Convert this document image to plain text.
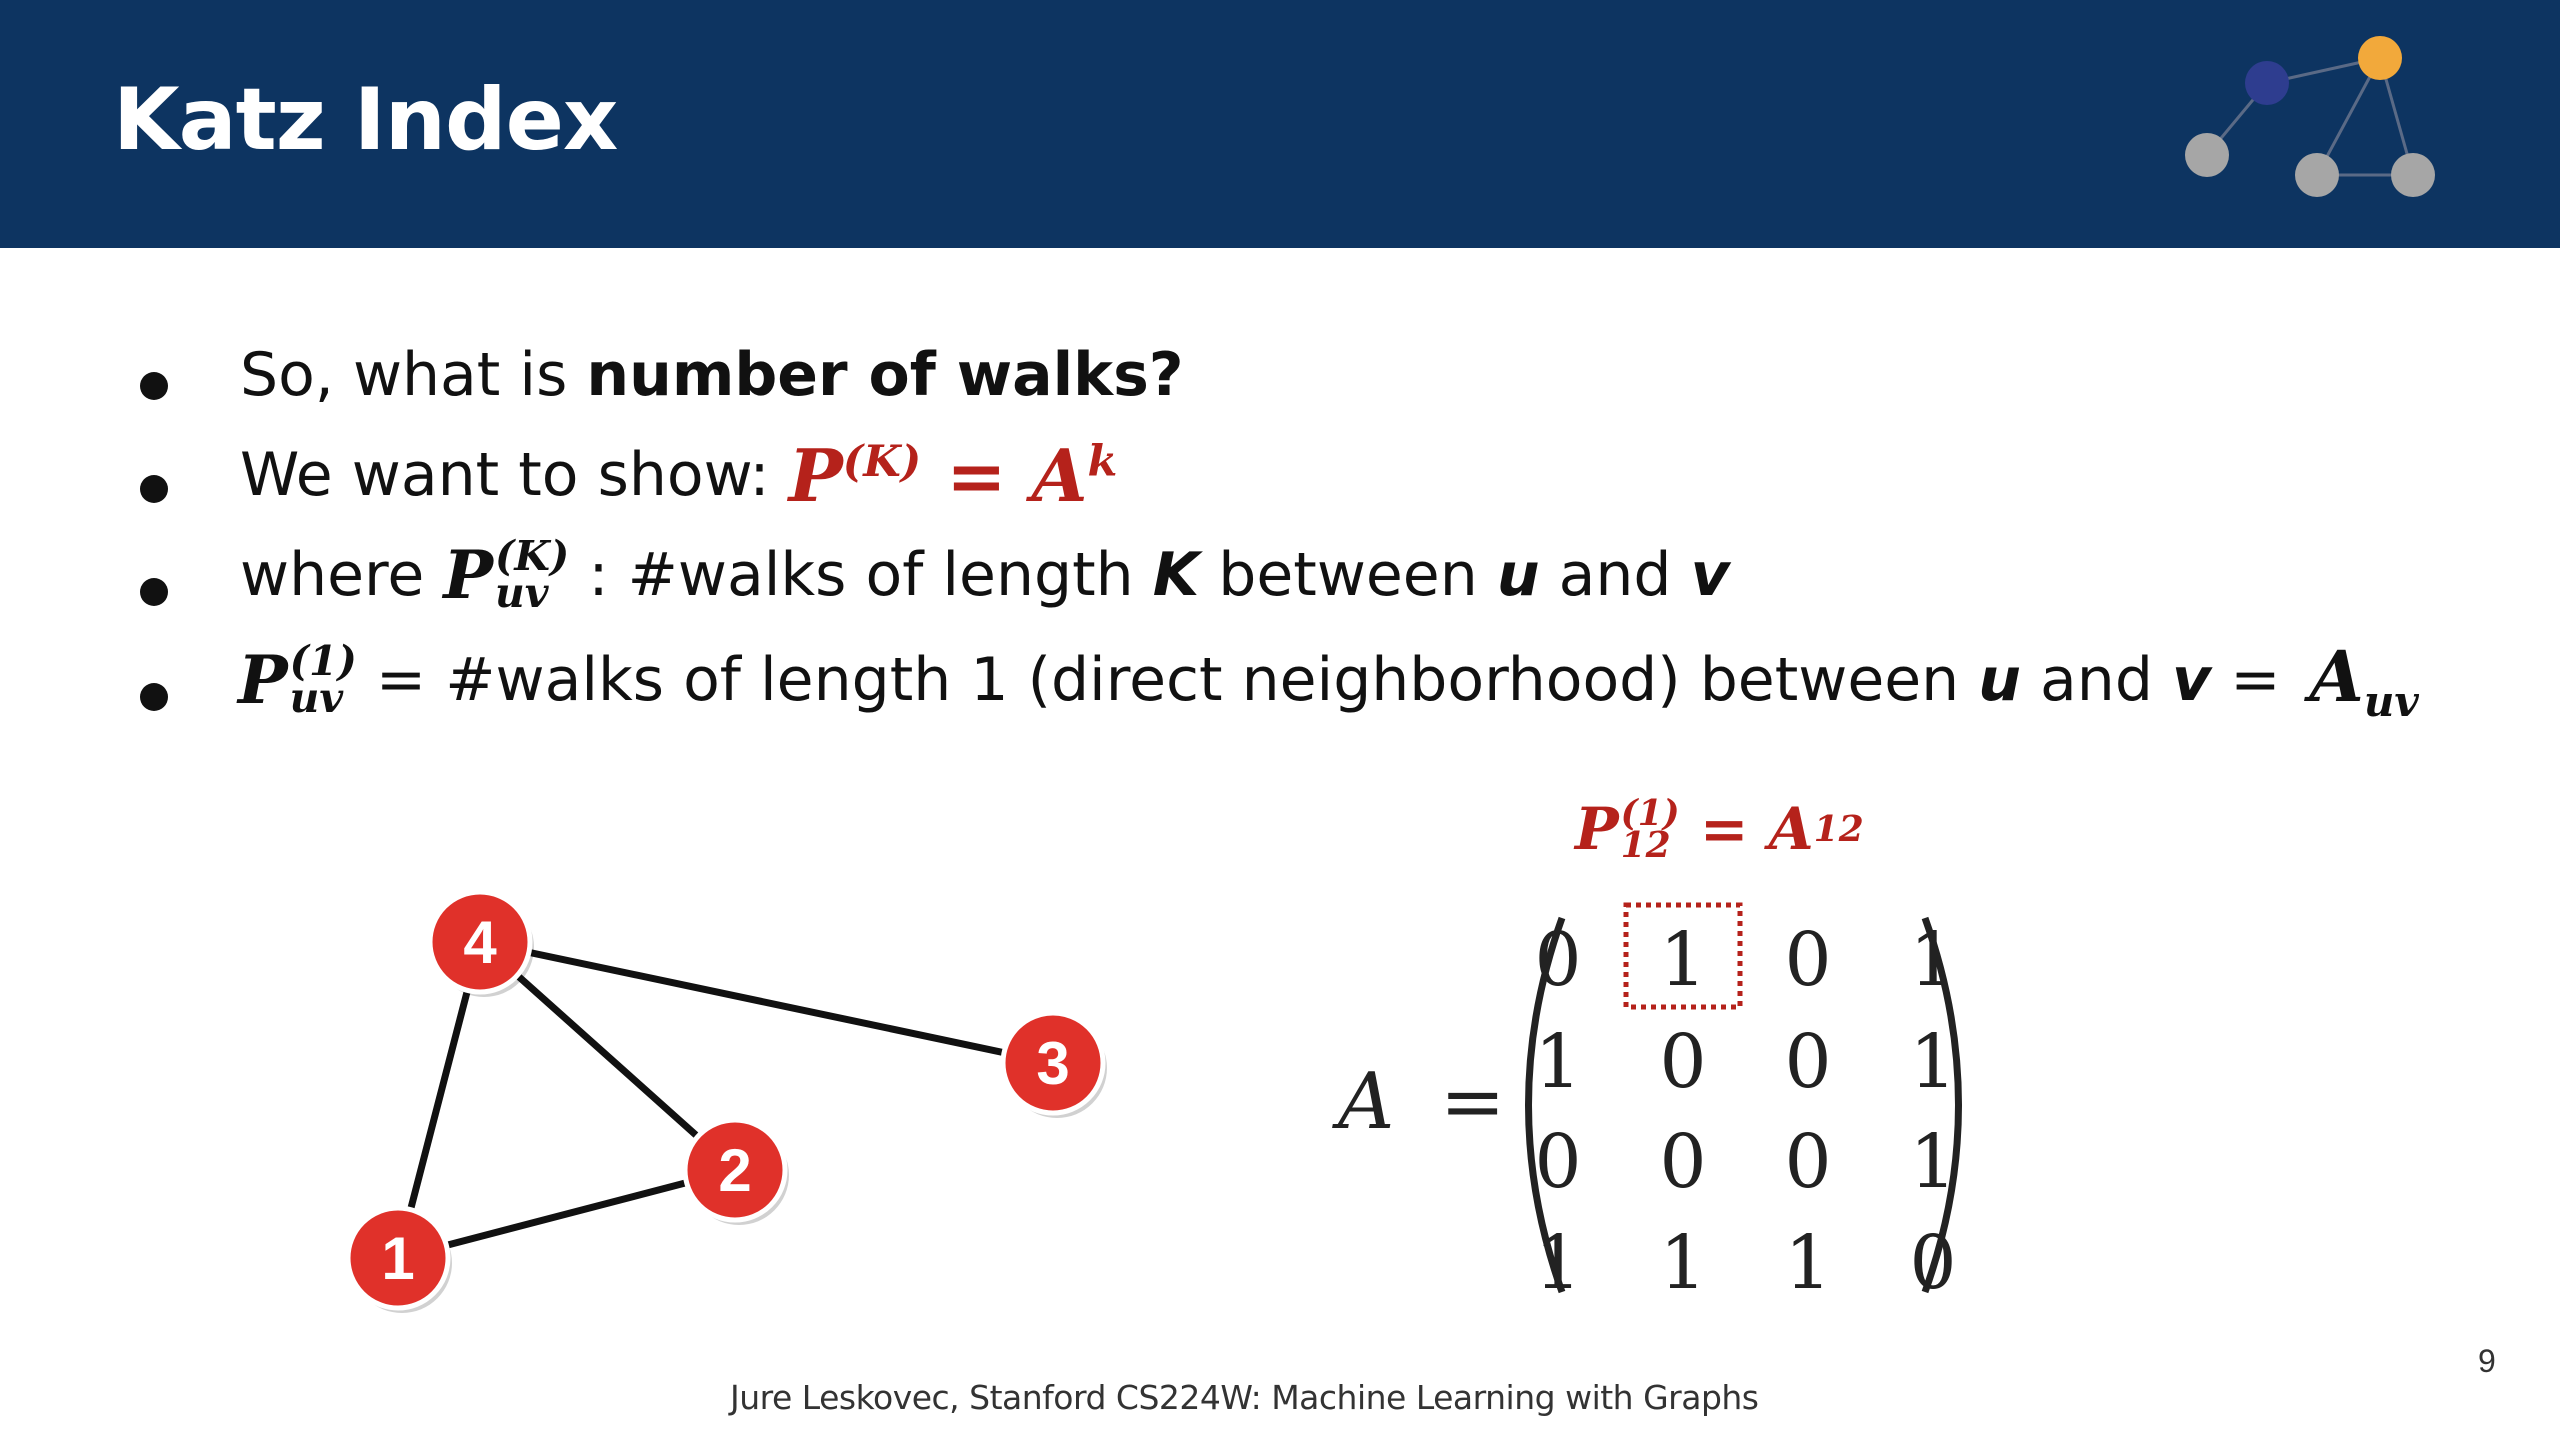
Katz Index
So, what is number of walks?
We want to show: $P^{(K)} = A^k$
where P (K)
uv : #walks of length K between u and v
P (1)
uv = #walks of length 1 (direct neighborhood) between u and $v = A_{uv}$
P (1)
12 = A 12
1
2
3
4
A =
0 1 0 1
1 0 0 1
0 0 0 1
1 1 1 0
Jure Leskovec, Stanford CS224W: Machine Learning with Graphs
9
